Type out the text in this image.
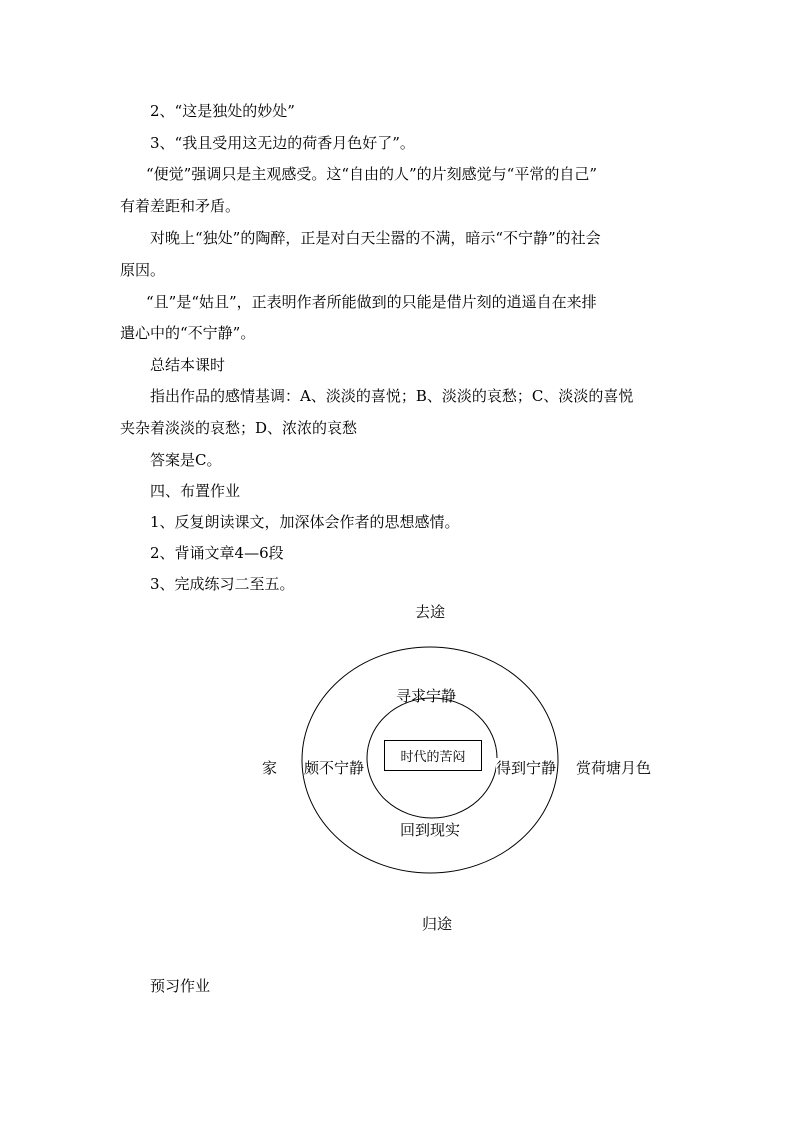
2、“这是独处的妙处”
3、“我且受用这无边的荷香月色好了”。
“便觉”强调只是主观感受。这“自由的人”的片刻感觉与“平常的自己”
有着差距和矛盾。
对晚上“独处”的陶醉，正是对白天尘嚣的不满，暗示“不宁静”的社会
原因。
“且”是“姑且”，正表明作者所能做到的只能是借片刻的逍遥自在来排
遣心中的“不宁静”。
总结本课时
指出作品的感情基调：A、淡淡的喜悦；B、淡淡的哀愁；C、淡淡的喜悦
夹杂着淡淡的哀愁；D、浓浓的哀愁
答案是C。
四、布置作业
1、反复朗读课文，加深体会作者的思想感情。
2、背诵文章4—6段
3、完成练习二至五。
去途
归途
家	赏荷塘月色
颇不宁静	得到宁静
寻求宁静
回到现实
时代的苦闷
预习作业
